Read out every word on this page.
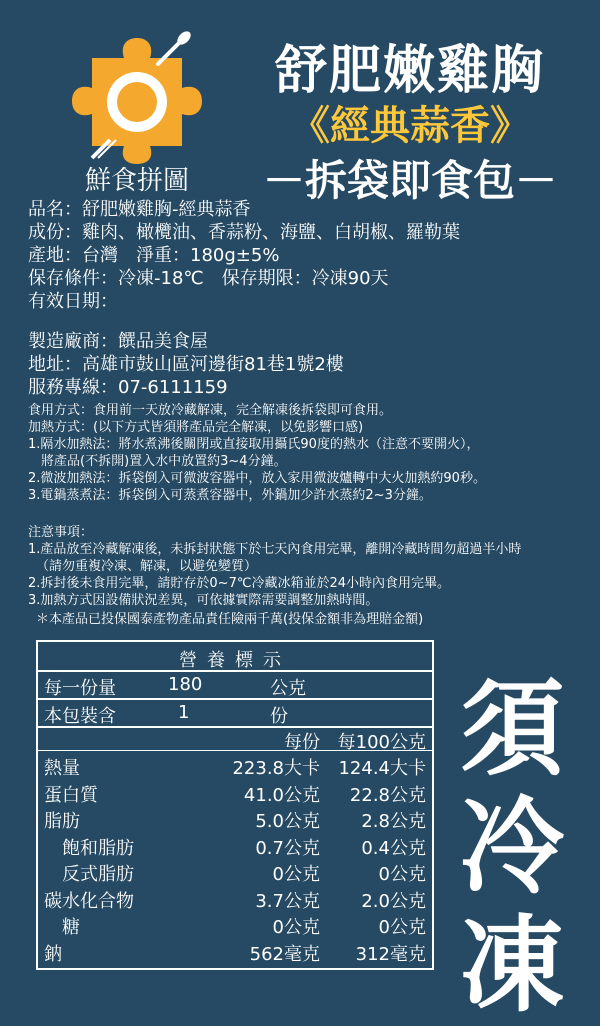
鮮食拼圖
舒肥嫩雞胸
《經典蒜香》
－拆袋即食包－
品名：舒肥嫩雞胸-經典蒜香
成份：雞肉、橄欖油、香蒜粉、海鹽、白胡椒、羅勒葉
產地：台灣　淨重：180g±5%
保存條件：冷凍-18℃　保存期限：冷凍90天
有效日期：
製造廠商：饌品美食屋
地址：高雄市鼓山區河邊街81巷1號2樓
服務專線：07-6111159
食用方式：食用前一天放冷藏解凍，完全解凍後拆袋即可食用。
加熱方式：(以下方式皆須將產品完全解凍，以免影響口感)
1.隔水加熱法：將水煮沸後關閉或直接取用攝氏90度的熱水（注意不要開火），
　將產品(不拆開)置入水中放置約3~4分鐘。
2.微波加熱法：拆袋倒入可微波容器中，放入家用微波爐轉中大火加熱約90秒。
3.電鍋蒸煮法：拆袋倒入可蒸煮容器中，外鍋加少許水蒸約2~3分鐘。
注意事項：
1.產品放至冷藏解凍後，未拆封狀態下於七天內食用完畢，離開冷藏時間勿超過半小時
（請勿重複冷凍、解凍，以避免變質）
2.拆封後未食用完畢，請貯存於0~7℃冷藏冰箱並於24小時內食用完畢。
3.加熱方式因設備狀況差異，可依據實際需要調整加熱時間。
＊本產品已投保國泰產物產品責任險兩千萬(投保金額非為理賠金額)
營養標示
每一份量	180	公克
本包裝含	1	份
每份 每100公克
熱量	223.8大卡 124.4大卡
蛋白質	41.0公克 22.8公克
脂肪	5.0公克 2.8公克
　飽和脂肪	0.7公克 0.4公克
　反式脂肪	0公克	0公克
碳水化合物	3.7公克 2.0公克
　糖	0公克	0公克
鈉	562毫克 312毫克
須
冷
凍
